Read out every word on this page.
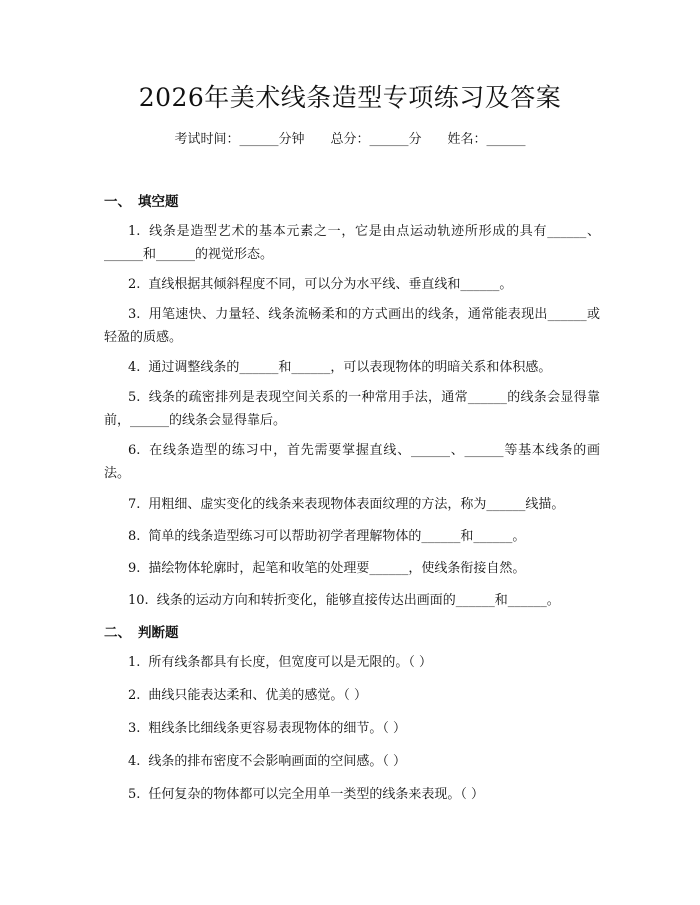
2026年美术线条造型专项练习及答案
考试时间：______分钟 总分：______分 姓名：______
一、 填空题
1. 线条是造型艺术的基本元素之一，它是由点运动轨迹所形成的具有______、______和______的视觉形态。
2. 直线根据其倾斜程度不同，可以分为水平线、垂直线和______。
3. 用笔速快、力量轻、线条流畅柔和的方式画出的线条，通常能表现出______或轻盈的质感。
4. 通过调整线条的______和______，可以表现物体的明暗关系和体积感。
5. 线条的疏密排列是表现空间关系的一种常用手法，通常______的线条会显得靠前，______的线条会显得靠后。
6. 在线条造型的练习中，首先需要掌握直线、______、______等基本线条的画法。
7. 用粗细、虚实变化的线条来表现物体表面纹理的方法，称为______线描。
8. 简单的线条造型练习可以帮助初学者理解物体的______和______。
9. 描绘物体轮廓时，起笔和收笔的处理要______，使线条衔接自然。
10. 线条的运动方向和转折变化，能够直接传达出画面的______和______。
二、 判断题
1. 所有线条都具有长度，但宽度可以是无限的。（ ）
2. 曲线只能表达柔和、优美的感觉。（ ）
3. 粗线条比细线条更容易表现物体的细节。（ ）
4. 线条的排布密度不会影响画面的空间感。（ ）
5. 任何复杂的物体都可以完全用单一类型的线条来表现。（ ）
